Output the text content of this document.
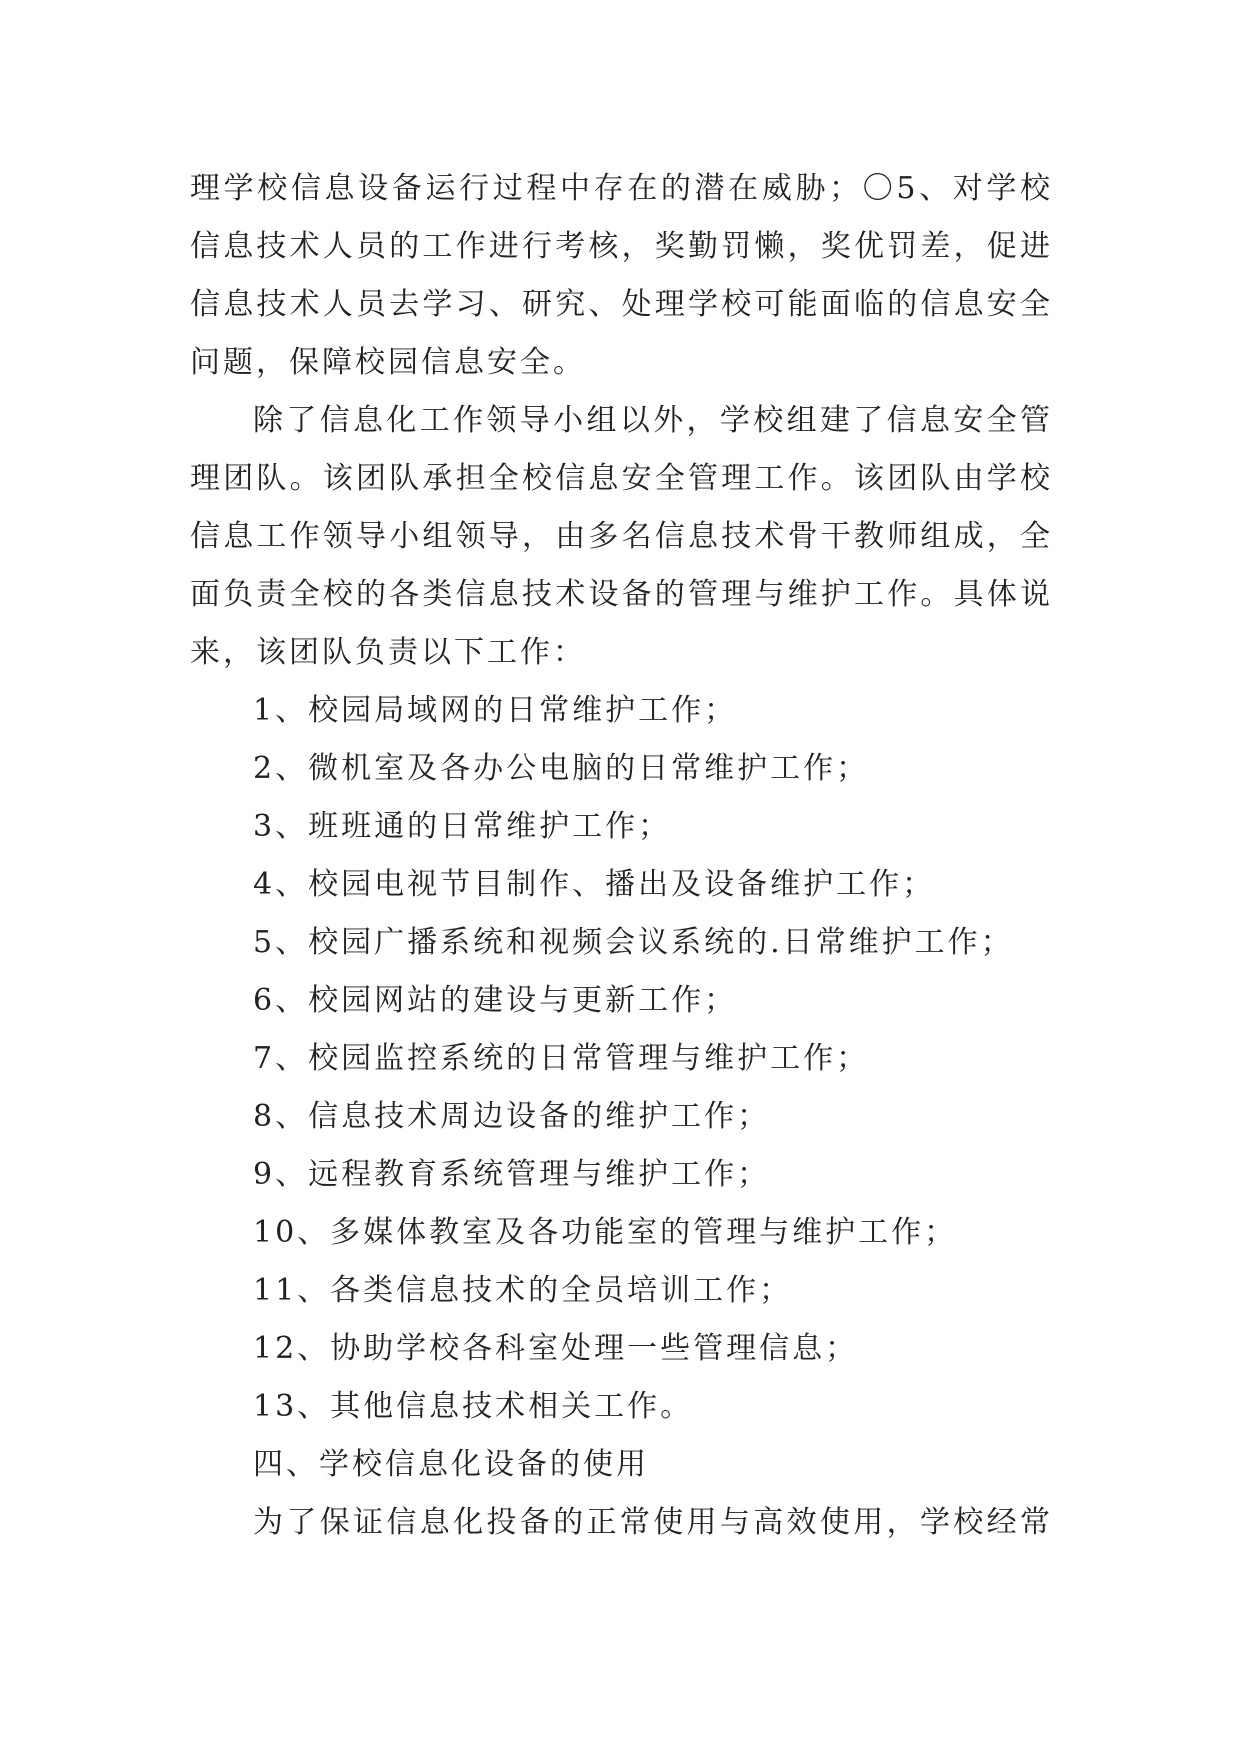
理学校信息设备运行过程中存在的潜在威胁；〇5、对学校
信息技术人员的工作进行考核，奖勤罚懒，奖优罚差，促进
信息技术人员去学习、研究、处理学校可能面临的信息安全
问题，保障校园信息安全。
除了信息化工作领导小组以外，学校组建了信息安全管
理团队。该团队承担全校信息安全管理工作。该团队由学校
信息工作领导小组领导，由多名信息技术骨干教师组成，全
面负责全校的各类信息技术设备的管理与维护工作。具体说
来，该团队负责以下工作：
1、校园局域网的日常维护工作；
2、微机室及各办公电脑的日常维护工作；
3、班班通的日常维护工作；
4、校园电视节目制作、播出及设备维护工作；
5、校园广播系统和视频会议系统的.日常维护工作；
6、校园网站的建设与更新工作；
7、校园监控系统的日常管理与维护工作；
8、信息技术周边设备的维护工作；
9、远程教育系统管理与维护工作；
10、多媒体教室及各功能室的管理与维护工作；
11、各类信息技术的全员培训工作；
12、协助学校各科室处理一些管理信息；
13、其他信息技术相关工作。
四、学校信息化设备的使用
为了保证信息化投备的正常使用与高效使用，学校经常
